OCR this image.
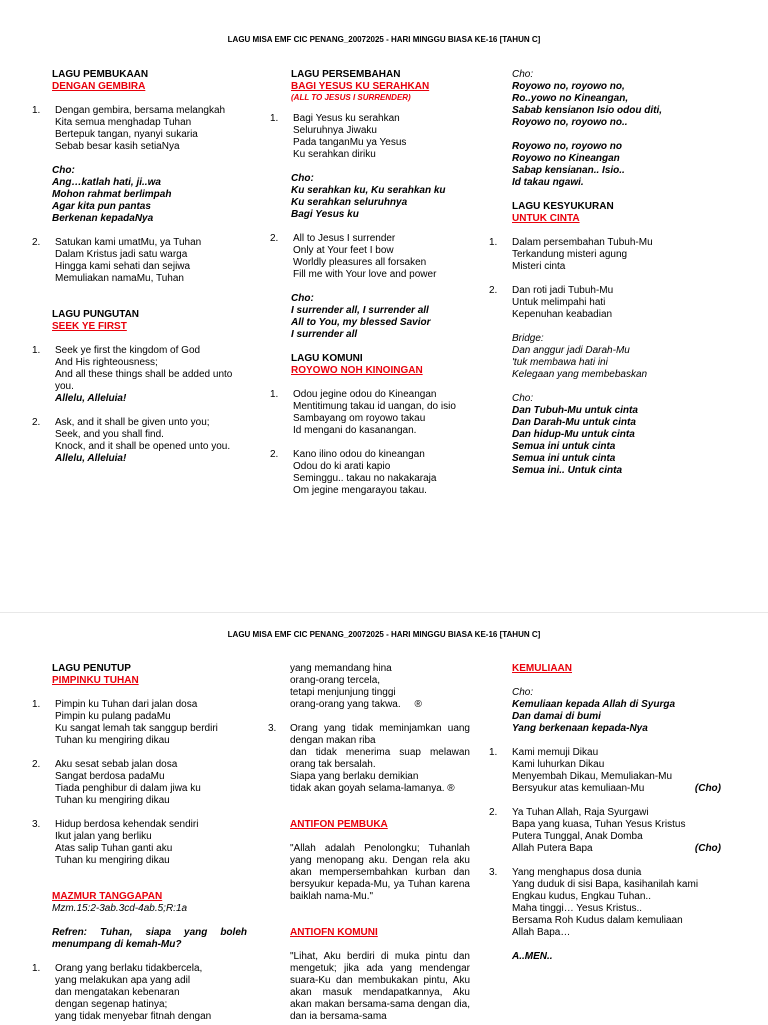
LAGU MISA EMF CIC PENANG_20072025 - HARI MINGGU BIASA KE-16 [TAHUN C]
LAGU PEMBUKAAN
DENGAN GEMBIRA
1. Dengan gembira, bersama melangkah
Kita semua menghadap Tuhan
Bertepuk tangan, nyanyi sukaria
Sebab besar kasih setiaNya
Cho:
Ang…katlah hati, ji..wa
Mohon rahmat berlimpah
Agar kita pun pantas
Berkenan kepadaNya
2. Satukan kami umatMu, ya Tuhan
Dalam Kristus jadi satu warga
Hingga kami sehati dan sejiwa
Memuliakan namaMu, Tuhan
LAGU PUNGUTAN
SEEK YE FIRST
1. Seek ye first the kingdom of God
And His righteousness;
And all these things shall be added unto
you.
Allelu, Alleluia!
2. Ask, and it shall be given unto you;
Seek, and you shall find.
Knock, and it shall be opened unto you.
Allelu, Alleluia!
LAGU PERSEMBAHAN
BAGI YESUS KU SERAHKAN
(ALL TO JESUS I SURRENDER)
1. Bagi Yesus ku serahkan
Seluruhnya Jiwaku
Pada tanganMu ya Yesus
Ku serahkan diriku
Cho:
Ku serahkan ku, Ku serahkan ku
Ku serahkan seluruhnya
Bagi Yesus ku
2. All to Jesus I surrender
Only at Your feet I bow
Worldly pleasures all forsaken
Fill me with Your love and power
Cho:
I surrender all, I surrender all
All to You, my blessed Savior
I surrender all
LAGU KOMUNI
ROYOWO NOH KINOINGAN
1. Odou jegine odou do Kineangan
Mentitimung takau id uangan, do isio
Sambayang om royowo takau
Id mengani do kasanangan.
2. Kano ilino odou do kineangan
Odou do ki arati kapio
Seminggu.. takau no nakakaraja
Om jegine mengarayou takau.
Cho:
Royowo no, royowo no,
Ro..yowo no Kineangan,
Sabab kensianon Isio odou diti,
Royowo no, royowo no..
Royowo no, royowo no
Royowo no Kineangan
Sabap kensianan.. Isio..
Id takau ngawi.
LAGU KESYUKURAN
UNTUK CINTA
1. Dalam persembahan Tubuh-Mu
Terkandung misteri agung
Misteri cinta
2. Dan roti jadi Tubuh-Mu
Untuk melimpahi hati
Kepenuhan keabadian
Bridge:
Dan anggur jadi Darah-Mu
'tuk membawa hati ini
Kelegaan yang membebaskan
Cho:
Dan Tubuh-Mu untuk cinta
Dan Darah-Mu untuk cinta
Dan hidup-Mu untuk cinta
Semua ini untuk cinta
Semua ini untuk cinta
Semua ini.. Untuk cinta
LAGU MISA EMF CIC PENANG_20072025 - HARI MINGGU BIASA KE-16 [TAHUN C]
LAGU PENUTUP
PIMPINKU TUHAN
1. Pimpin ku Tuhan dari jalan dosa
Pimpin ku pulang padaMu
Ku sangat lemah tak sanggup berdiri
Tuhan ku mengiring dikau
2. Aku sesat sebab jalan dosa
Sangat berdosa padaMu
Tiada penghibur di dalam jiwa ku
Tuhan ku mengiring dikau
3. Hidup berdosa kehendak sendiri
Ikut jalan yang berliku
Atas salip Tuhan ganti aku
Tuhan ku mengiring dikau
MAZMUR TANGGAPAN
Mzm.15:2-3ab.3cd-4ab.5;R:1a
Refren: Tuhan, siapa yang boleh menumpang di kemah-Mu?
1. Orang yang berlaku tidakbercela,
yang melakukan apa yang adil
dan mengatakan kebenaran
dengan segenap hatinya;
yang tidak menyebar fitnah dengan
yang memandang hina
orang-orang tercela,
tetapi menjunjung tinggi
orang-orang yang takwa.     ®
3. Orang yang tidak meminjamkan uang dengan makan riba
dan tidak menerima suap melawan orang tak bersalah.
Siapa yang berlaku demikian
tidak akan goyah selama-lamanya. ®
ANTIFON PEMBUKA
"Allah adalah Penolongku; Tuhanlah yang menopang aku. Dengan rela aku akan mempersembahkan kurban dan bersyukur kepada-Mu, ya Tuhan karena baiklah nama-Mu."
ANTIOFN KOMUNI
"Lihat, Aku berdiri di muka pintu dan mengetuk; jika ada yang mendengar suara-Ku dan membukakan pintu, Aku akan masuk mendapatkannya, Aku akan makan bersama-sama dengan dia, dan ia bersama-sama
KEMULIAAN
Cho:
Kemuliaan kepada Allah di Syurga
Dan damai di bumi
Yang berkenaan kepada-Nya
1. Kami memuji Dikau
Kami luhurkan Dikau
Menyembah Dikau, Memuliakan-Mu
Bersyukur atas kemuliaan-Mu	(Cho)
2. Ya Tuhan Allah, Raja Syurgawi
Bapa yang kuasa, Tuhan Yesus Kristus
Putera Tunggal, Anak Domba
Allah Putera Bapa	(Cho)
3. Yang menghapus dosa dunia
Yang duduk di sisi Bapa, kasihanilah kami
Engkau kudus, Engkau Tuhan..
Maha tinggi… Yesus Kristus..
Bersama Roh Kudus dalam kemuliaan
Allah Bapa…
A..MEN..
